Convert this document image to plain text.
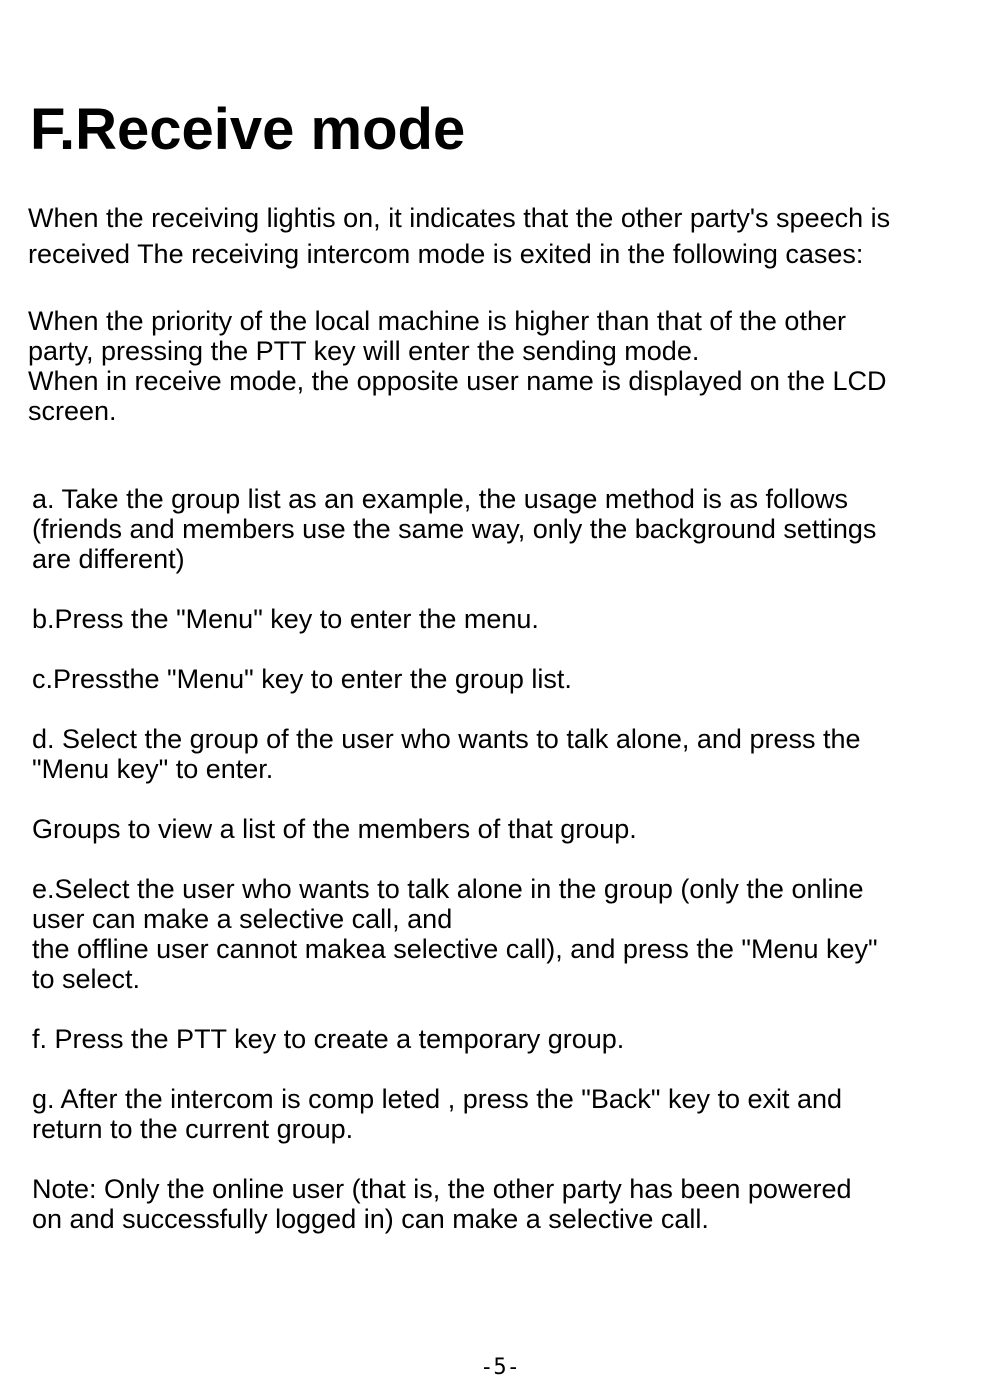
F.Receive mode
When the receiving lightis on, it indicates that the other party's speech is
received The receiving intercom mode is exited in the following cases:
When the priority of the local machine is higher than that of the other
party, pressing the PTT key will enter the sending mode.
When in receive mode, the opposite user name is displayed on the LCD
screen.
a. Take the group list as an example, the usage method is as follows
(friends and members use the same way, only the background settings
are different)
b.Press the "Menu" key to enter the menu.
c.Pressthe "Menu" key to enter the group list.
d. Select the group of the user who wants to talk alone, and press the
"Menu key" to enter.
Groups to view a list of the members of that group.
e.Select the user who wants to talk alone in the group (only the online
user can make a selective call, and
the offline user cannot makea selective call), and press the "Menu key"
to select.
f. Press the PTT key to create a temporary group.
g. After the intercom is comp leted , press the "Back" key to exit and
return to the current group.
Note: Only the online user (that is, the other party has been powered
on and successfully logged in) can make a selective call.
-5-
